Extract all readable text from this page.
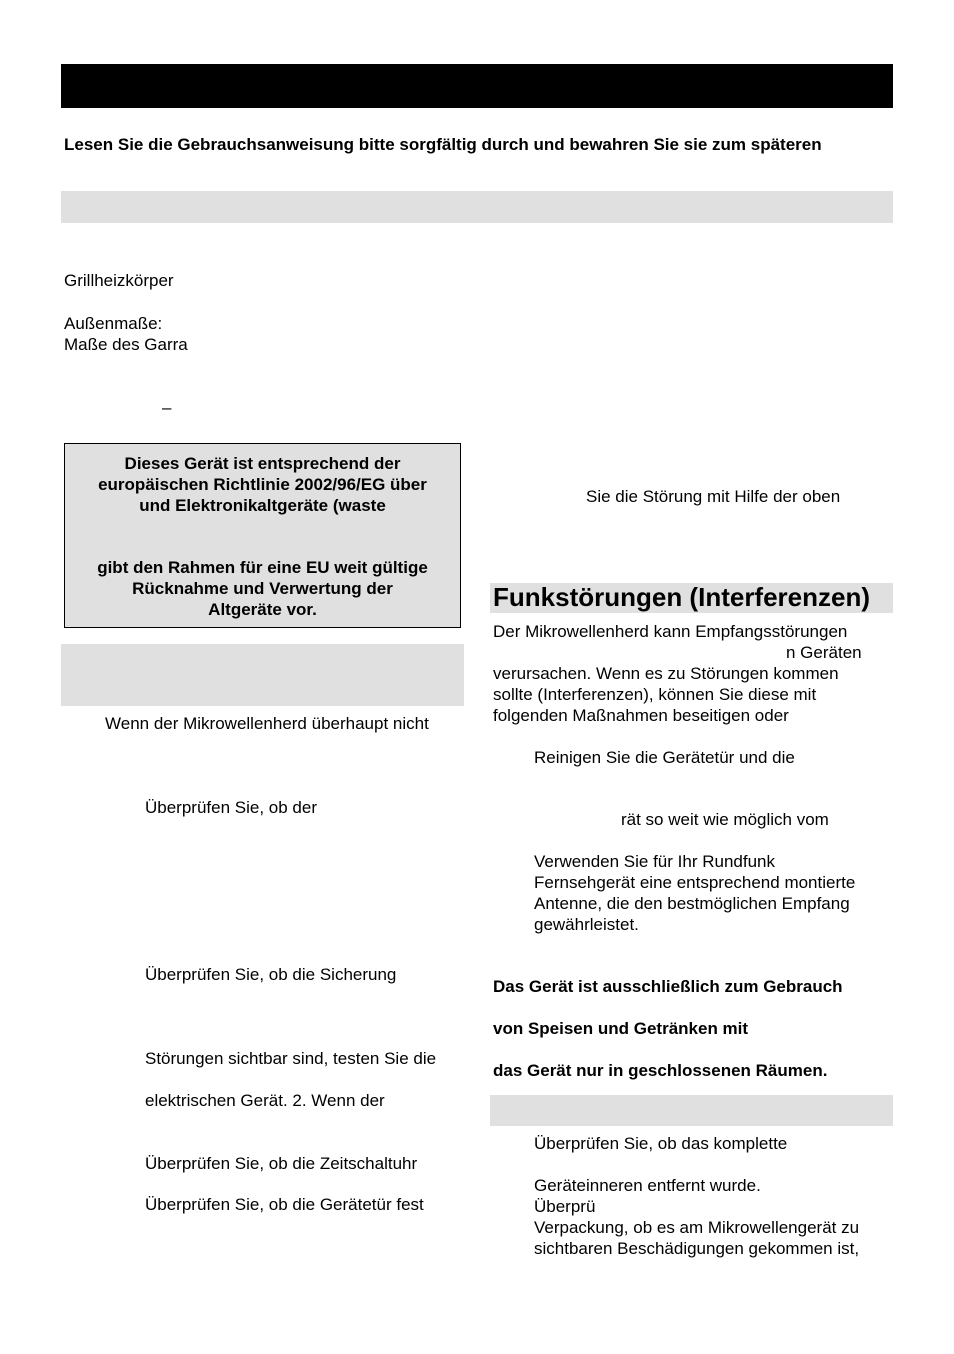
Lesen Sie die Gebrauchsanweisung bitte sorgfältig durch und bewahren Sie sie zum späteren
Grillheizkörper
Außenmaße:
Maße des Garra
–
Dieses Gerät ist entsprechend der
europäischen Richtlinie 2002/96/EG über
und Elektronikaltgeräte (waste
gibt den Rahmen für eine EU weit gültige
Rücknahme und Verwertung der
Altgeräte vor.
Wenn der Mikrowellenherd überhaupt nicht
Überprüfen Sie, ob der
Überprüfen Sie, ob die Sicherung
Störungen sichtbar sind, testen Sie die
elektrischen Gerät. 2. Wenn der
Überprüfen Sie, ob die Zeitschaltuhr
Überprüfen Sie, ob die Gerätetür fest
Sie die Störung mit Hilfe der oben
Funkstörungen (Interferenzen)
Der Mikrowellenherd kann Empfangsstörungen
n Geräten
verursachen. Wenn es zu Störungen kommen
sollte (Interferenzen), können Sie diese mit
folgenden Maßnahmen beseitigen oder
Reinigen Sie die Gerätetür und die
rät so weit wie möglich vom
Verwenden Sie für Ihr Rundfunk
Fernsehgerät eine entsprechend montierte
Antenne, die den bestmöglichen Empfang
gewährleistet.
Das Gerät ist ausschließlich zum Gebrauch
von Speisen und Getränken mit
das Gerät nur in geschlossenen Räumen.
Überprüfen Sie, ob das komplette
Geräteinneren entfernt wurde.
Überprü
Verpackung, ob es am Mikrowellengerät zu
sichtbaren Beschädigungen gekommen ist,
